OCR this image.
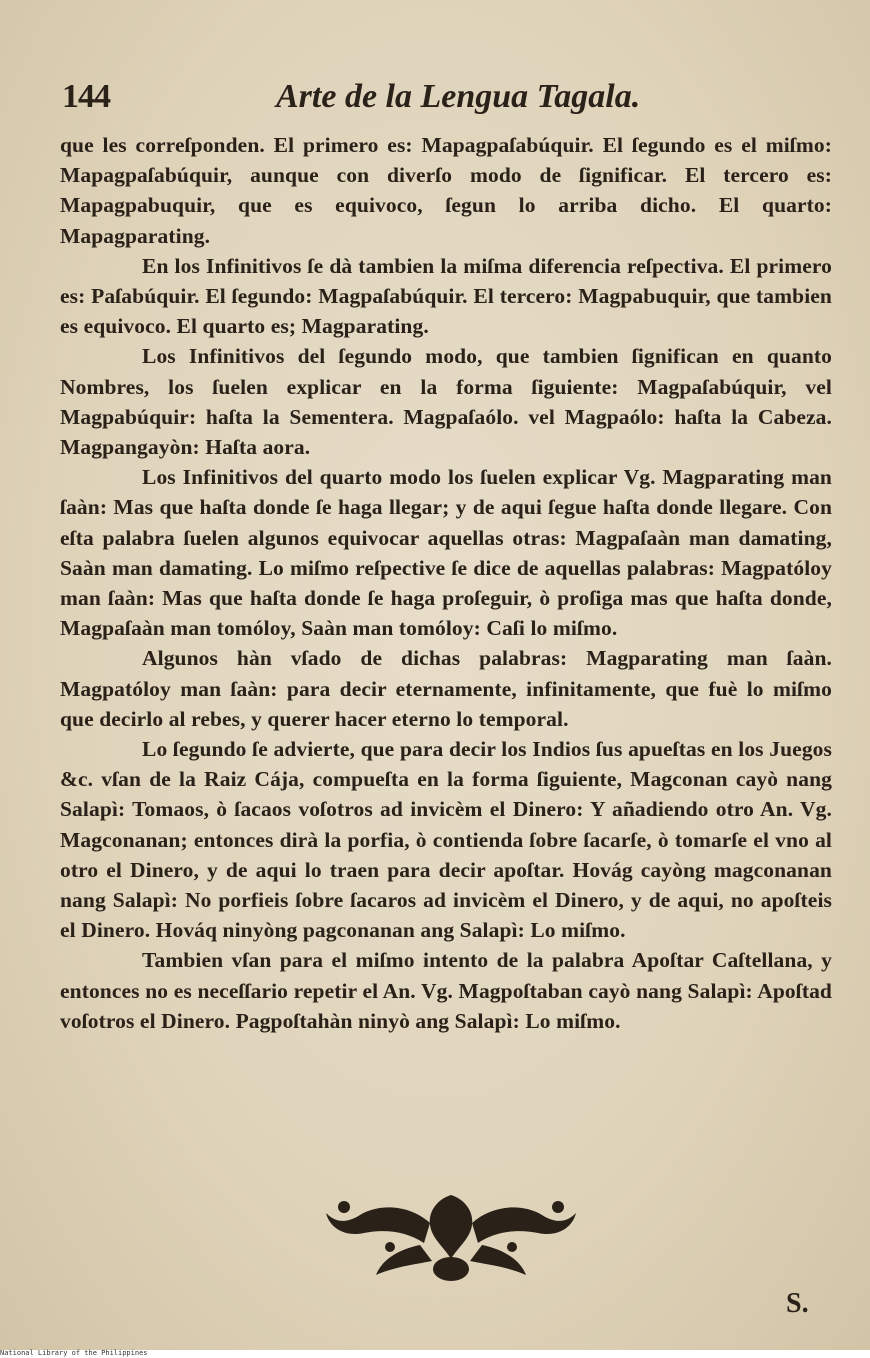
144	Arte de la Lengua Tagala.

que les correſponden. El primero es: Mapagpaſabúquir. El ſegundo es el miſmo: Mapagpaſabúquir, aunque con diverſo modo de ſignificar. El tercero es: Mapagpabuquir, que es equivoco, ſegun lo arriba dicho. El quarto: Mapagparating.

En los Infinitivos ſe dà tambien la miſma diferencia reſpectiva. El primero es: Paſabúquir. El ſegundo: Magpaſabúquir. El tercero: Magpabuquir, que tambien es equivoco. El quarto es; Magparating.

Los Infinitivos del ſegundo modo, que tambien ſignifican en quanto Nombres, los ſuelen explicar en la forma ſiguiente: Magpaſabúquir, vel Magpabúquir: haſta la Sementera. Magpaſaólo. vel Magpaólo: haſta la Cabeza. Magpangayòn: Haſta aora.

Los Infinitivos del quarto modo los ſuelen explicar Vg. Magparating man ſaàn: Mas que haſta donde ſe haga llegar; y de aqui ſegue haſta donde llegare. Con eſta palabra ſuelen algunos equivocar aquellas otras: Magpaſaàn man damating, Saàn man damating. Lo miſmo reſpective ſe dice de aquellas palabras: Magpatóloy man ſaàn: Mas que haſta donde ſe haga proſeguir, ò proſiga mas que haſta donde, Magpaſaàn man tomóloy, Saàn man tomóloy: Caſi lo miſmo.

Algunos hàn vſado de dichas palabras: Magparating man ſaàn. Magpatóloy man ſaàn: para decir eternamente, infinitamente, que fuè lo miſmo que decirlo al rebes, y querer hacer eterno lo temporal.

Lo ſegundo ſe advierte, que para decir los Indios ſus apueſtas en los Juegos &c. vſan de la Raiz Cája, compueſta en la forma ſiguiente, Magconan cayò nang Salapì: Tomaos, ò ſacaos voſotros ad invicèm el Dinero: Y añadiendo otro An. Vg. Magconanan; entonces dirà la porfia, ò contienda ſobre ſacarſe, ò tomarſe el vno al otro el Dinero, y de aqui lo traen para decir apoſtar. Hovág cayòng magconanan nang Salapì: No porfieis ſobre ſacaros ad invicèm el Dinero, y de aqui, no apoſteis el Dinero. Hováq ninyòng pagconanan ang Salapì: Lo miſmo.

Tambien vſan para el miſmo intento de la palabra Apoſtar Caſtellana, y entonces no es neceſſario repetir el An. Vg. Magpoſtaban cayò nang Salapì: Apoſtad voſotros el Dinero. Pagpoſtahàn ninyò ang Salapì: Lo miſmo.

S.
National Library of the Philippines
